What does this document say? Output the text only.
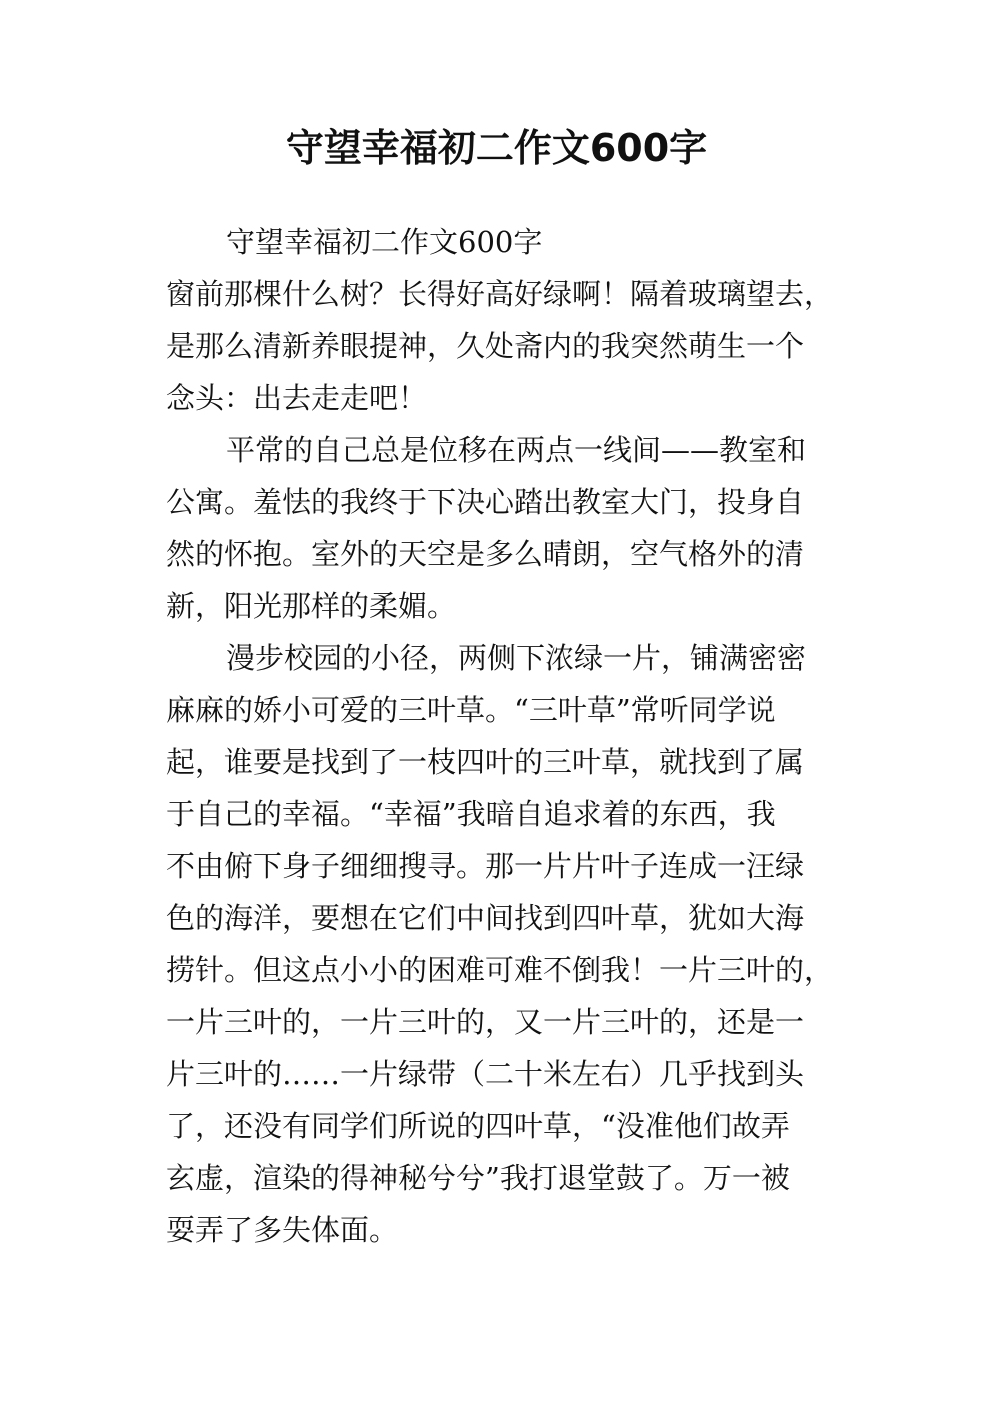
守望幸福初二作文600字
守望幸福初二作文600字
窗前那棵什么树？长得好高好绿啊！隔着玻璃望去，
是那么清新养眼提神，久处斋内的我突然萌生一个
念头：出去走走吧！
平常的自己总是位移在两点一线间——教室和
公寓。羞怯的我终于下决心踏出教室大门，投身自
然的怀抱。室外的天空是多么晴朗，空气格外的清
新，阳光那样的柔媚。
漫步校园的小径，两侧下浓绿一片，铺满密密
麻麻的娇小可爱的三叶草。“三叶草”常听同学说
起，谁要是找到了一枝四叶的三叶草，就找到了属
于自己的幸福。“幸福”我暗自追求着的东西，我
不由俯下身子细细搜寻。那一片片叶子连成一汪绿
色的海洋，要想在它们中间找到四叶草，犹如大海
捞针。但这点小小的困难可难不倒我！一片三叶的，
一片三叶的，一片三叶的，又一片三叶的，还是一
片三叶的……一片绿带（二十米左右）几乎找到头
了，还没有同学们所说的四叶草，“没准他们故弄
玄虚，渲染的得神秘兮兮”我打退堂鼓了。万一被
耍弄了多失体面。
